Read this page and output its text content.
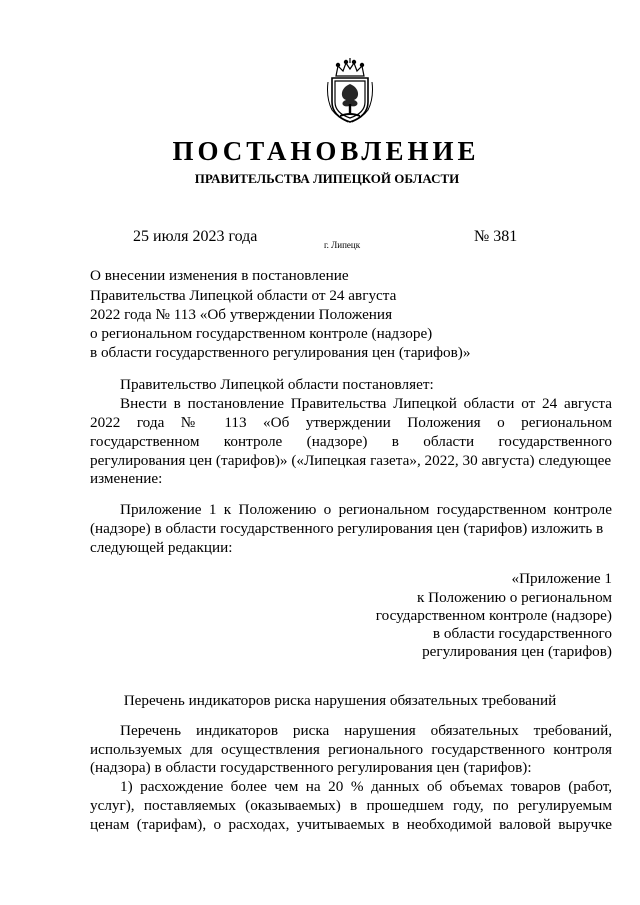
ПОСТАНОВЛЕНИЕ
ПРАВИТЕЛЬСТВА ЛИПЕЦКОЙ ОБЛАСТИ
25 июля 2023 года	г. Липецк	№ 381
О внесении изменения в постановление
Правительства Липецкой области от 24 августа
2022 года № 113 «Об утверждении Положения
о региональном государственном контроле (надзоре)
в области государственного регулирования цен (тарифов)»
Правительство Липецкой области постановляет:
Внести в постановление Правительства Липецкой области от 24 августа
2022 года № 113 «Об утверждении Положения о региональном
государственном контроле (надзоре) в области государственного
регулирования цен (тарифов)» («Липецкая газета», 2022, 30 августа) следующее
изменение:
Приложение 1 к Положению о региональном государственном контроле
(надзоре) в области государственного регулирования цен (тарифов) изложить в
следующей редакции:
«Приложение 1
к Положению о региональном
государственном контроле (надзоре)
в области государственного
регулирования цен (тарифов)
Перечень индикаторов риска нарушения обязательных требований
Перечень индикаторов риска нарушения обязательных требований,
используемых для осуществления регионального государственного контроля
(надзора) в области государственного регулирования цен (тарифов):
1) расхождение более чем на 20 % данных об объемах товаров (работ,
услуг), поставляемых (оказываемых) в прошедшем году, по регулируемым
ценам (тарифам), о расходах, учитываемых в необходимой валовой выручке
